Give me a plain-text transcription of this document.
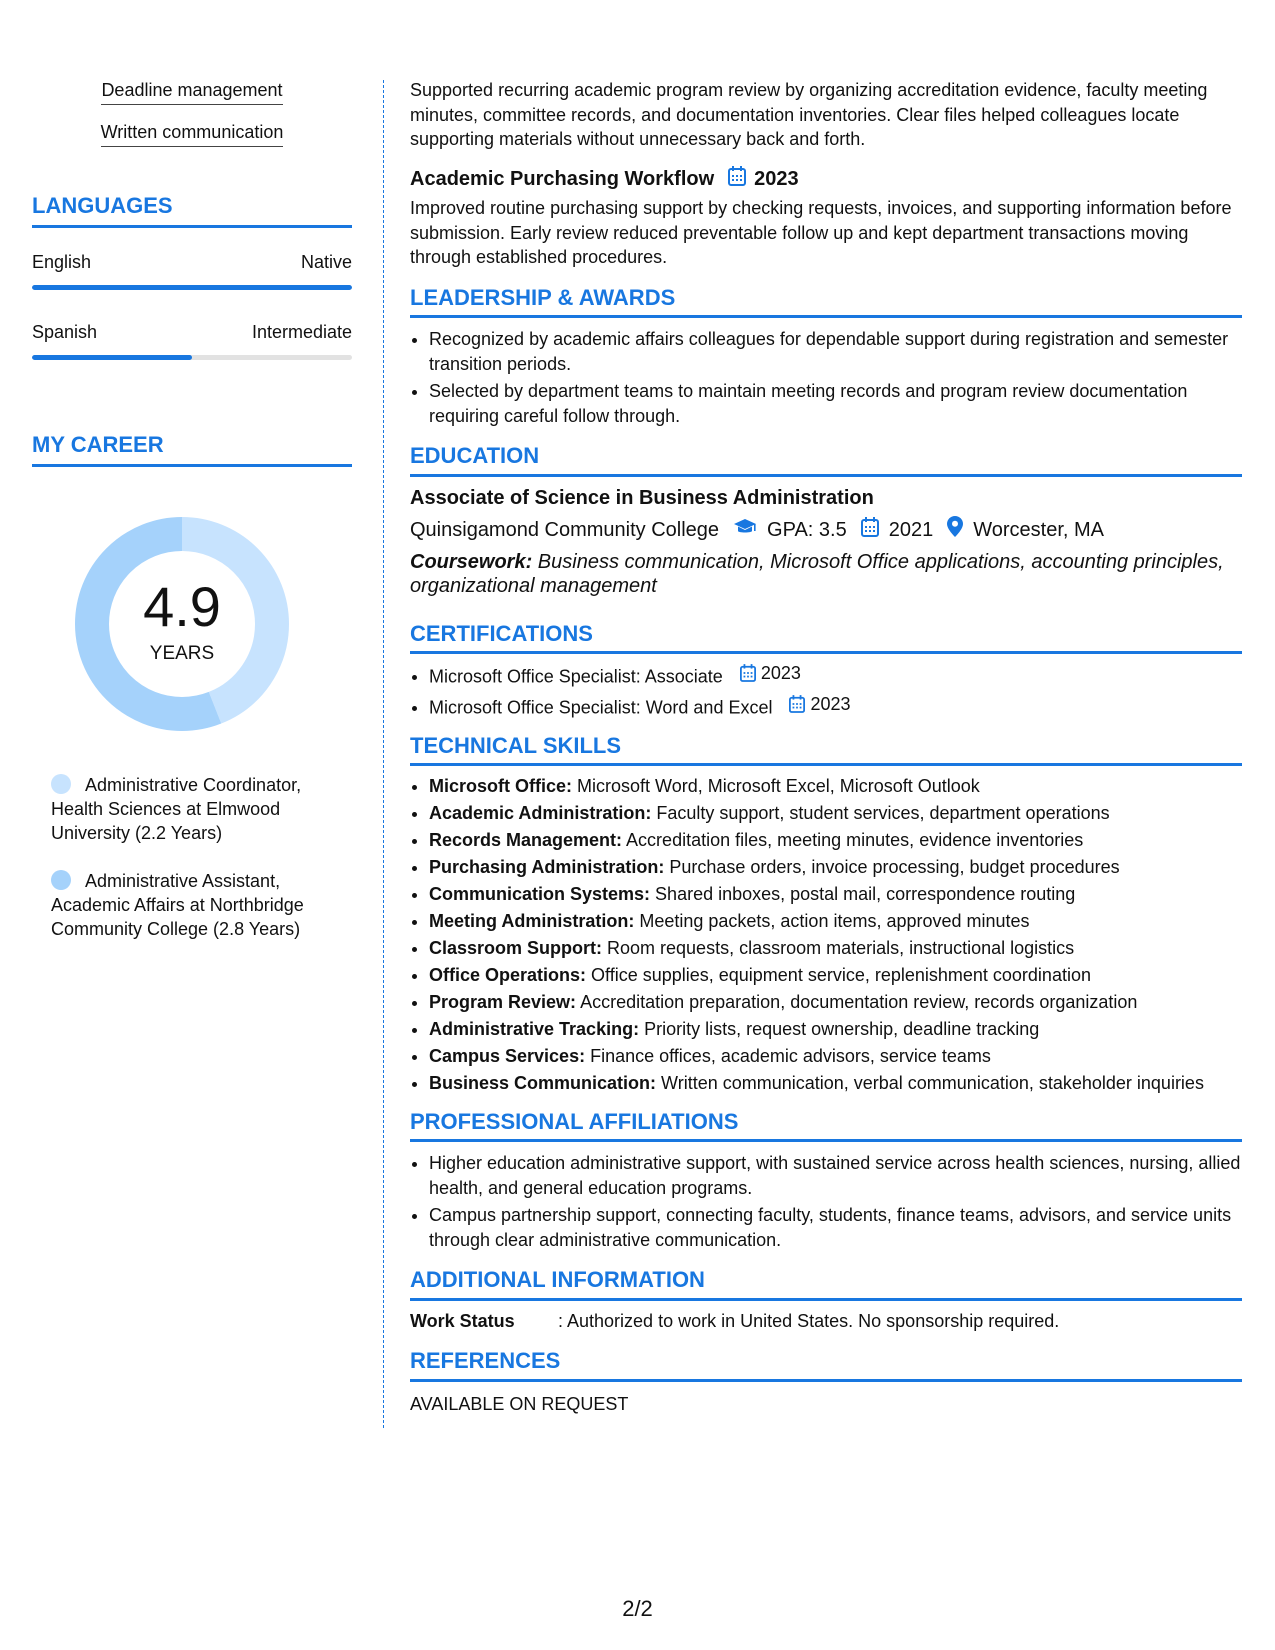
Deadline management
Written communication
LANGUAGES
English	Native
Spanish	Intermediate
MY CAREER
4.9
YEARS
Administrative Coordinator, Health Sciences at Elmwood University (2.2 Years)
Administrative Assistant, Academic Affairs at Northbridge Community College (2.8 Years)

Supported recurring academic program review by organizing accreditation evidence, faculty meeting minutes, committee records, and documentation inventories. Clear files helped colleagues locate supporting materials without unnecessary back and forth.

Academic Purchasing Workflow 2023

Improved routine purchasing support by checking requests, invoices, and supporting information before submission. Early review reduced preventable follow up and kept department transactions moving through established procedures.

LEADERSHIP & AWARDS
• Recognized by academic affairs colleagues for dependable support during registration and semester transition periods.
• Selected by department teams to maintain meeting records and program review documentation requiring careful follow through.
EDUCATION
Associate of Science in Business Administration
Quinsigamond Community College GPA: 3.5 2021 Worcester, MA
Coursework: Business communication, Microsoft Office applications, accounting principles, organizational management
CERTIFICATIONS
• Microsoft Office Specialist: Associate 2023
• Microsoft Office Specialist: Word and Excel 2023
TECHNICAL SKILLS
• Microsoft Office: Microsoft Word, Microsoft Excel, Microsoft Outlook
• Academic Administration: Faculty support, student services, department operations
• Records Management: Accreditation files, meeting minutes, evidence inventories
• Purchasing Administration: Purchase orders, invoice processing, budget procedures
• Communication Systems: Shared inboxes, postal mail, correspondence routing
• Meeting Administration: Meeting packets, action items, approved minutes
• Classroom Support: Room requests, classroom materials, instructional logistics
• Office Operations: Office supplies, equipment service, replenishment coordination
• Program Review: Accreditation preparation, documentation review, records organization
• Administrative Tracking: Priority lists, request ownership, deadline tracking
• Campus Services: Finance offices, academic advisors, service teams
• Business Communication: Written communication, verbal communication, stakeholder inquiries
PROFESSIONAL AFFILIATIONS
• Higher education administrative support, with sustained service across health sciences, nursing, allied health, and general education programs.
• Campus partnership support, connecting faculty, students, finance teams, advisors, and service units through clear administrative communication.
ADDITIONAL INFORMATION
Work Status	: Authorized to work in United States. No sponsorship required.
REFERENCES

AVAILABLE ON REQUEST

2/2
